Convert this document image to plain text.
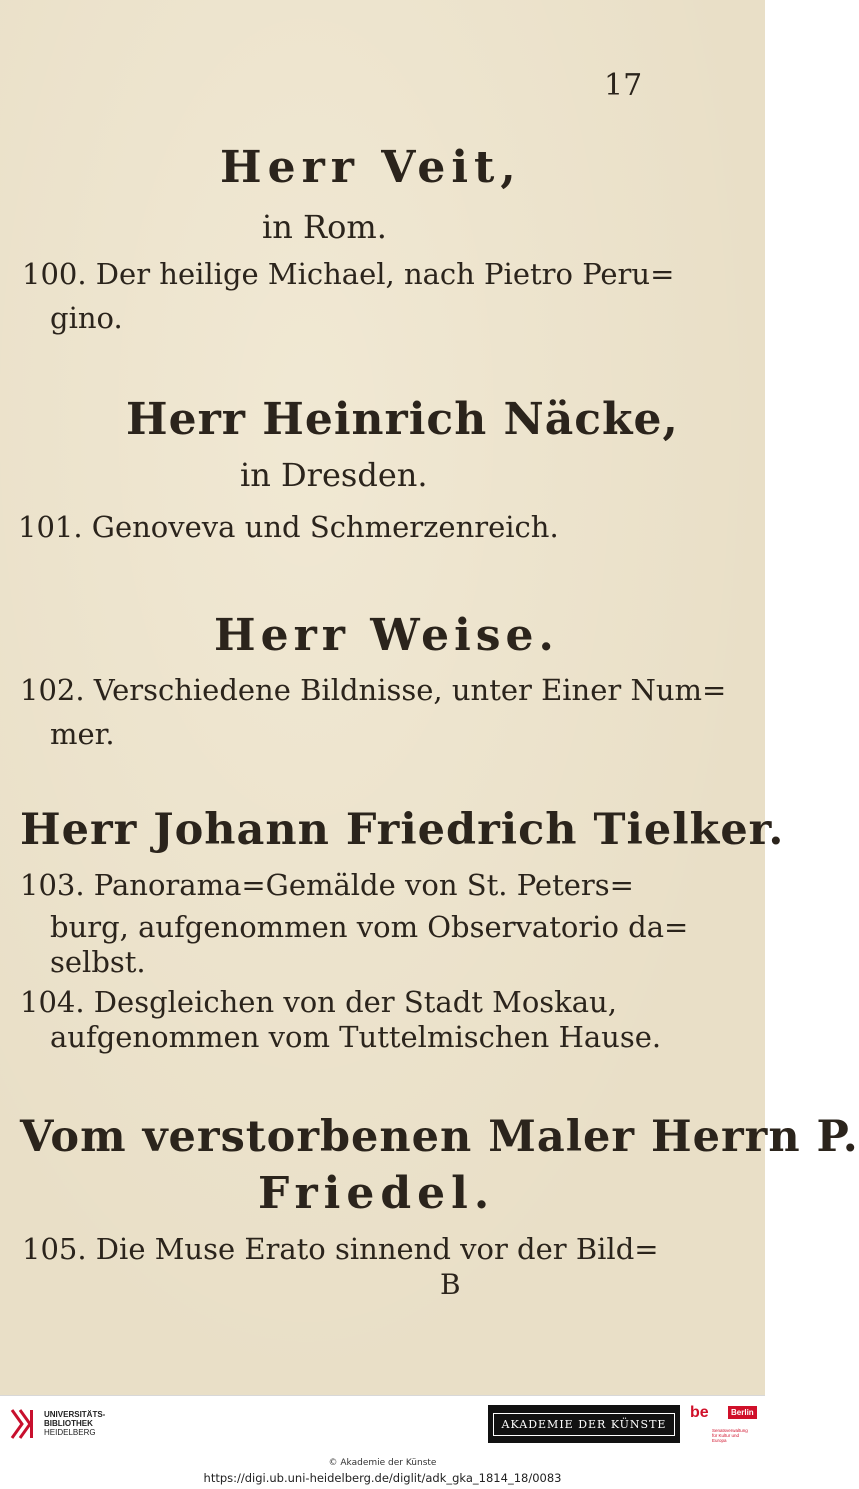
17
Herr Veit,
in Rom.
100. Der heilige Michael, nach Pietro Peru=
gino.
Herr Heinrich Näcke,
in Dresden.
101. Genoveva und Schmerzenreich.
Herr Weise.
102. Verschiedene Bildnisse, unter Einer Num=
mer.
Herr Johann Friedrich Tielker.
103. Panorama=Gemälde von St. Peters=
burg, aufgenommen vom Observatorio da=
selbst.
104. Desgleichen von der Stadt Moskau,
aufgenommen vom Tuttelmischen Hause.
Vom verstorbenen Maler Herrn P.
Friedel.
105. Die Muse Erato sinnend vor der Bild=
B
UNIVERSITÄTS-
BIBLIOTHEK
HEIDELBERG
AKADEMIE DER KÜNSTE
be	Berlin
Senatsverwaltung für Kultur und Europa
© Akademie der Künste
https://digi.ub.uni-heidelberg.de/diglit/adk_gka_1814_18/0083
